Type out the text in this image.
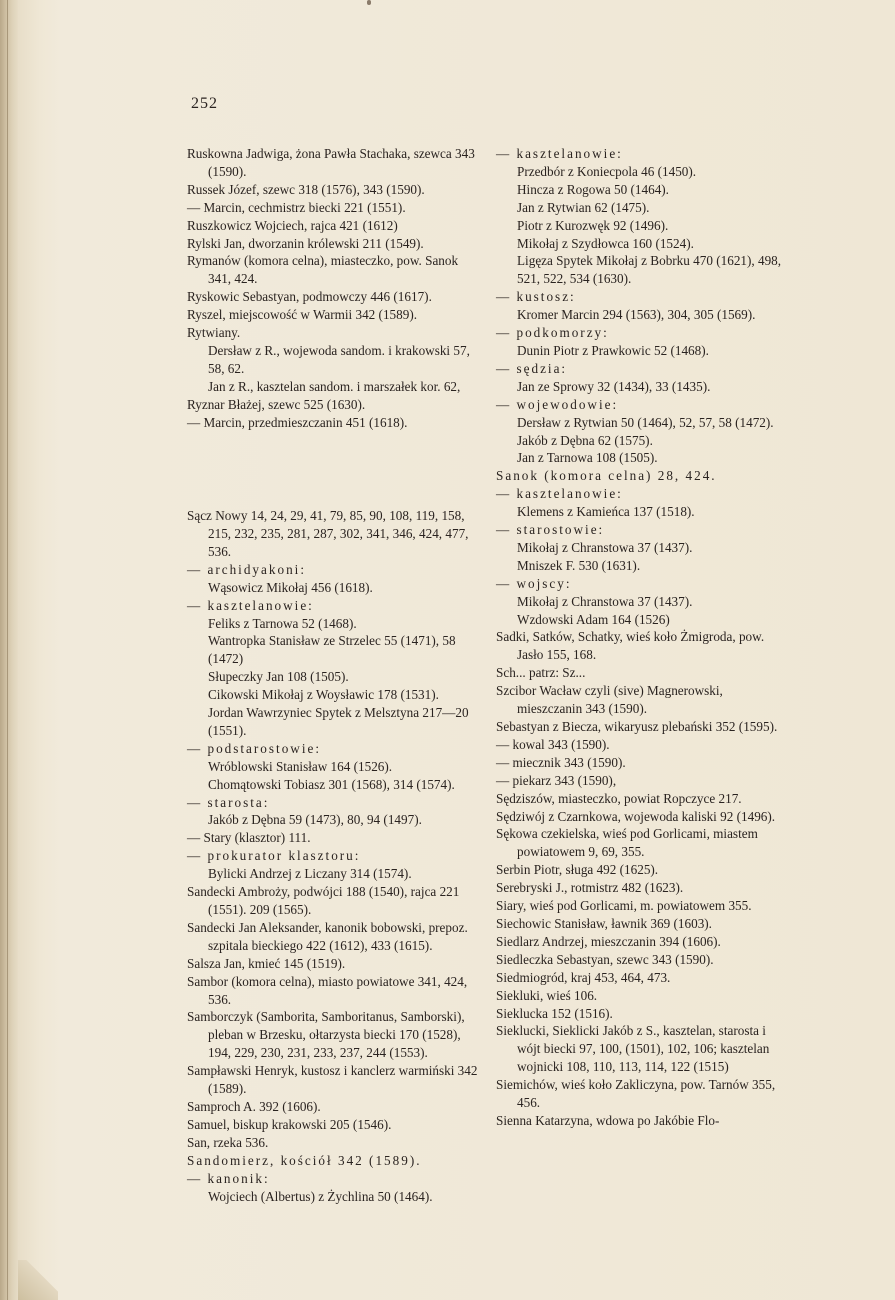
252

Ruskowna Jadwiga, żona Pawła Stachaka, szewca 343 (1590).

Russek Józef, szewc 318 (1576), 343 (1590).

— Marcin, cechmistrz biecki 221 (1551).

Ruszkowicz Wojciech, rajca 421 (1612)

Rylski Jan, dworzanin królewski 211 (1549).

Rymanów (komora celna), miasteczko, pow. Sanok 341, 424.

Ryskowic Sebastyan, podmowczy 446 (1617).

Ryszel, miejscowość w Warmii 342 (1589).

Rytwiany.

Dersław z R., wojewoda sandom. i krakowski 57, 58, 62.

Jan z R., kasztelan sandom. i marszałek kor. 62,

Ryznar Błażej, szewc 525 (1630).

— Marcin, przedmieszczanin 451 (1618).

Sącz Nowy 14, 24, 29, 41, 79, 85, 90, 108, 119, 158, 215, 232, 235, 281, 287, 302, 341, 346, 424, 477, 536.

— archidyakoni:

Wąsowicz Mikołaj 456 (1618).

— kasztelanowie:

Feliks z Tarnowa 52 (1468).

Wantropka Stanisław ze Strzelec 55 (1471), 58 (1472)

Słupeczky Jan 108 (1505).

Cikowski Mikołaj z Woysławic 178 (1531).

Jordan Wawrzyniec Spytek z Melsztyna 217—20 (1551).

— podstarostowie:

Wróblowski Stanisław 164 (1526).

Chomątowski Tobiasz 301 (1568), 314 (1574).

— starosta:

Jakób z Dębna 59 (1473), 80, 94 (1497).

— Stary (klasztor) 111.

— prokurator klasztoru:

Bylicki Andrzej z Liczany 314 (1574).

Sandecki Ambroży, podwójci 188 (1540), rajca 221 (1551). 209 (1565).

Sandecki Jan Aleksander, kanonik bobowski, prepoz. szpitala bieckiego 422 (1612), 433 (1615).

Salsza Jan, kmieć 145 (1519).

Sambor (komora celna), miasto powiatowe 341, 424, 536.

Samborczyk (Samborita, Samboritanus, Samborski), pleban w Brzesku, ołtarzysta biecki 170 (1528), 194, 229, 230, 231, 233, 237, 244 (1553).

Sampławski Henryk, kustosz i kanclerz warmiński 342 (1589).

Samproch A. 392 (1606).

Samuel, biskup krakowski 205 (1546).

San, rzeka 536.

Sandomierz, kościół 342 (1589).

— kanonik:

Wojciech (Albertus) z Żychlina 50 (1464).

— kasztelanowie:

Przedbór z Koniecpola 46 (1450).

Hincza z Rogowa 50 (1464).

Jan z Rytwian 62 (1475).

Piotr z Kurozwęk 92 (1496).

Mikołaj z Szydłowca 160 (1524).

Ligęza Spytek Mikołaj z Bobrku 470 (1621), 498, 521, 522, 534 (1630).

— kustosz:

Kromer Marcin 294 (1563), 304, 305 (1569).

— podkomorzy:

Dunin Piotr z Prawkowic 52 (1468).

— sędzia:

Jan ze Sprowy 32 (1434), 33 (1435).

— wojewodowie:

Dersław z Rytwian 50 (1464), 52, 57, 58 (1472).

Jakób z Dębna 62 (1575).

Jan z Tarnowa 108 (1505).

Sanok (komora celna) 28, 424.

— kasztelanowie:

Klemens z Kamieńca 137 (1518).

— starostowie:

Mikołaj z Chranstowa 37 (1437).

Mniszek F. 530 (1631).

— wojscy:

Mikołaj z Chranstowa 37 (1437).

Wzdowski Adam 164 (1526)

Sadki, Satków, Schatky, wieś koło Żmigroda, pow. Jasło 155, 168.

Sch... patrz: Sz...

Szcibor Wacław czyli (sive) Magnerowski, mieszczanin 343 (1590).

Sebastyan z Biecza, wikaryusz plebański 352 (1595).

— kowal 343 (1590).

— miecznik 343 (1590).

— piekarz 343 (1590),

Sędziszów, miasteczko, powiat Ropczyce 217.

Sędziwój z Czarnkowa, wojewoda kaliski 92 (1496).

Sękowa czekielska, wieś pod Gorlicami, miastem powiatowem 9, 69, 355.

Serbin Piotr, sługa 492 (1625).

Serebryski J., rotmistrz 482 (1623).

Siary, wieś pod Gorlicami, m. powiatowem 355.

Siechowic Stanisław, ławnik 369 (1603).

Siedlarz Andrzej, mieszczanin 394 (1606).

Siedleczka Sebastyan, szewc 343 (1590).

Siedmiogród, kraj 453, 464, 473.

Siekluki, wieś 106.

Sieklucka 152 (1516).

Sieklucki, Sieklicki Jakób z S., kasztelan, starosta i wójt biecki 97, 100, (1501), 102, 106; kasztelan wojnicki 108, 110, 113, 114, 122 (1515)

Siemichów, wieś koło Zakliczyna, pow. Tarnów 355, 456.

Sienna Katarzyna, wdowa po Jakóbie Flo-
